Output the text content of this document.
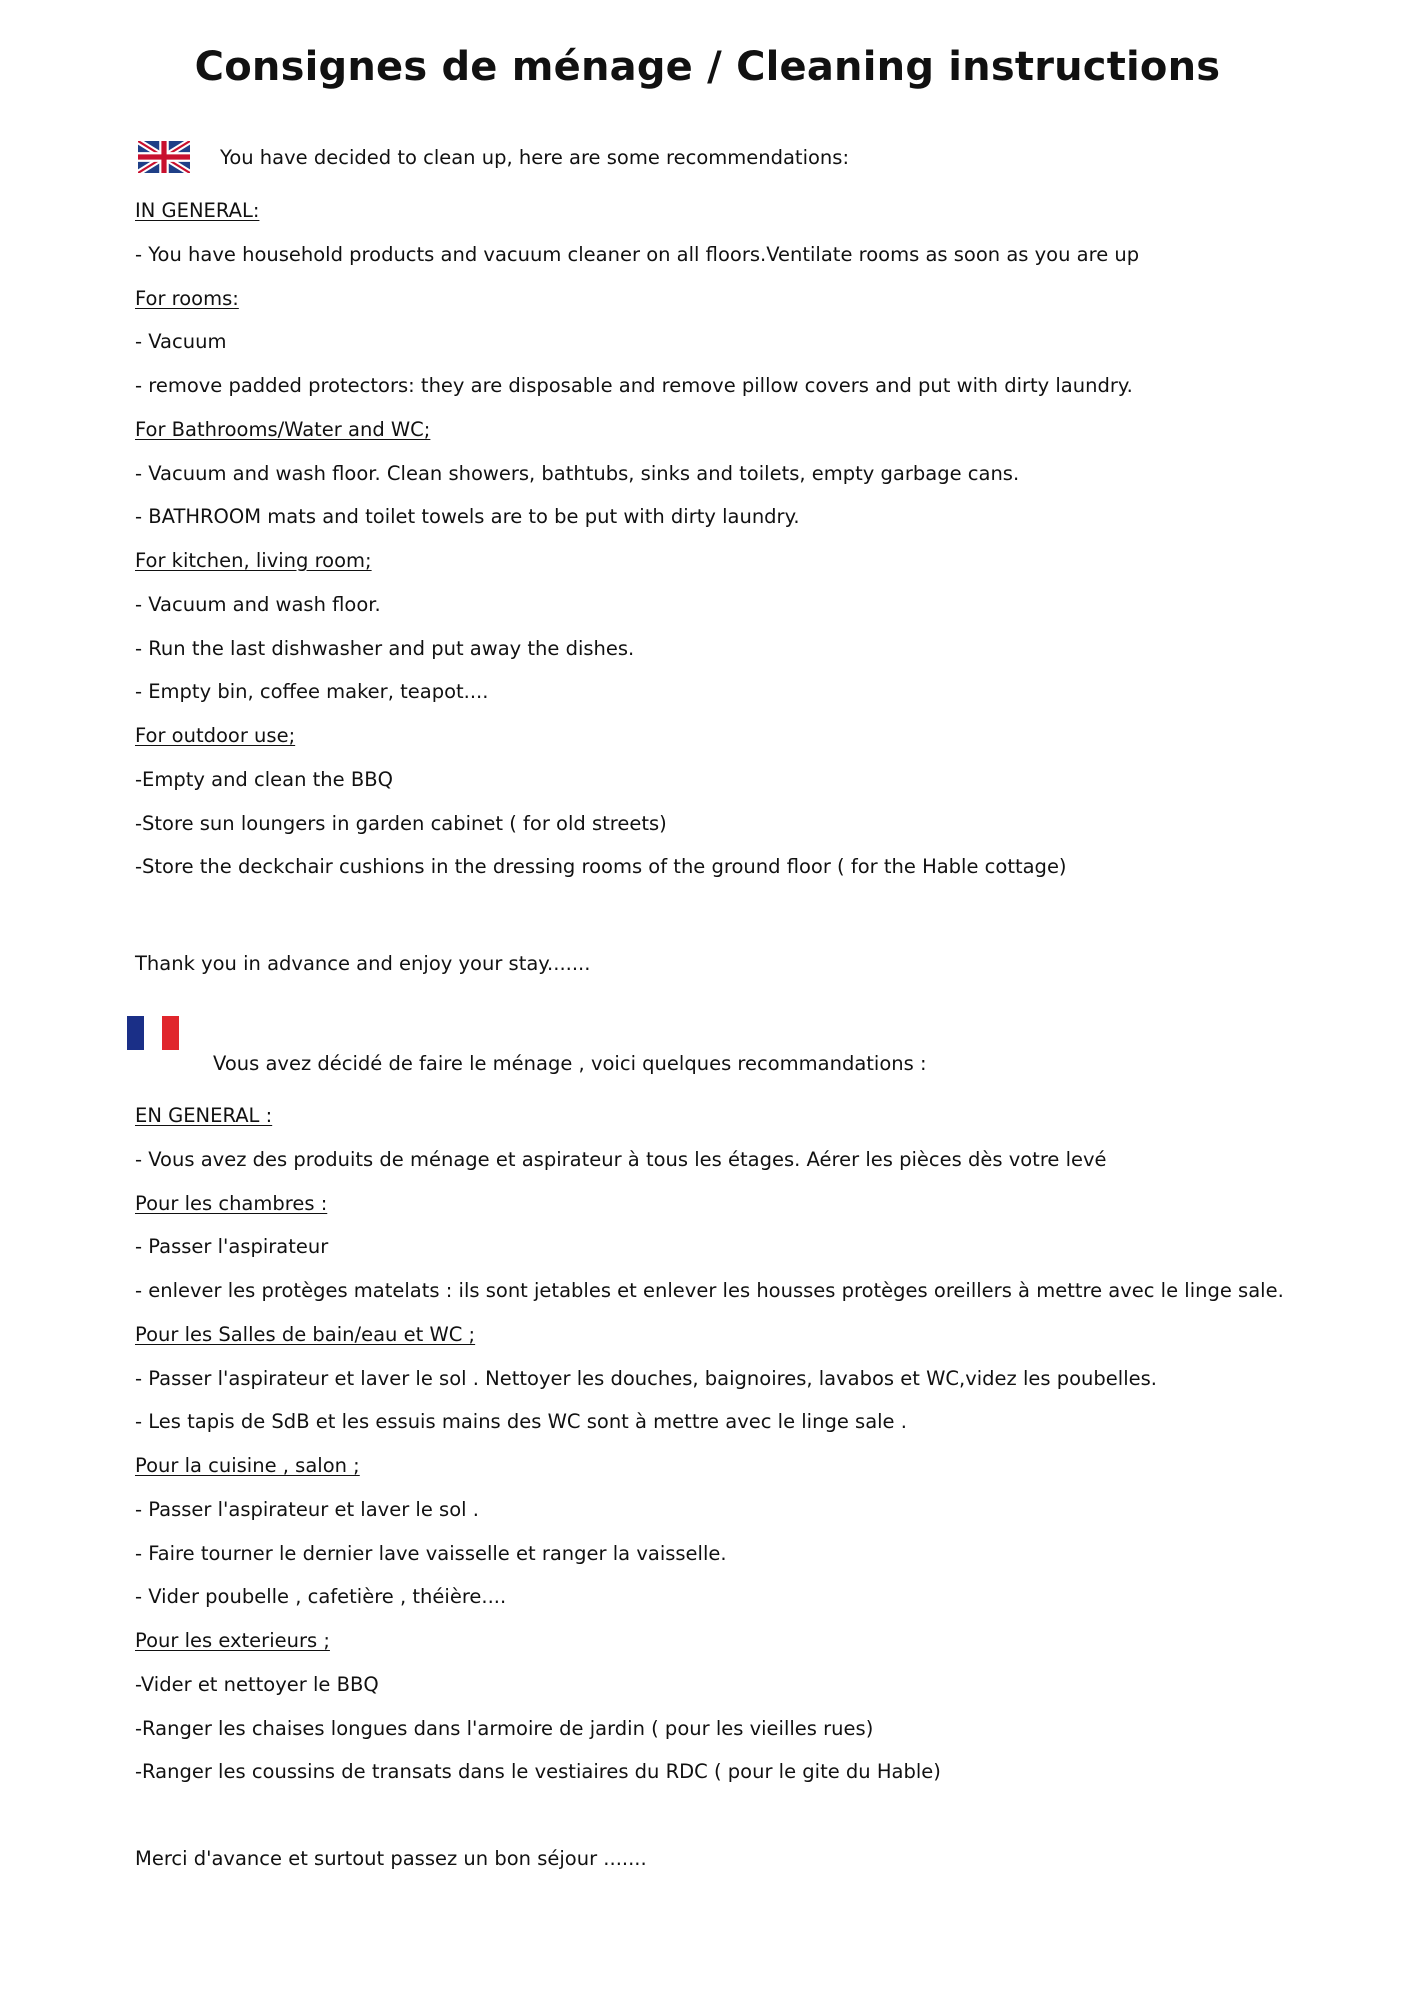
Consignes de ménage / Cleaning instructions
You have decided to clean up, here are some recommendations:
IN GENERAL:
- You have household products and vacuum cleaner on all floors.Ventilate rooms as soon as you are up
For rooms:
- Vacuum
- remove padded protectors: they are disposable and remove pillow covers and put with dirty laundry.
For Bathrooms/Water and WC;
- Vacuum and wash floor. Clean showers, bathtubs, sinks and toilets, empty garbage cans.
- BATHROOM mats and toilet towels are to be put with dirty laundry.
For kitchen, living room;
- Vacuum and wash floor.
- Run the last dishwasher and put away the dishes.
- Empty bin, coffee maker, teapot....
For outdoor use;
-Empty and clean the BBQ
-Store sun loungers in garden cabinet ( for old streets)
-Store the deckchair cushions in the dressing rooms of the ground floor ( for the Hable cottage)
Thank you in advance and enjoy your stay.......
Vous avez décidé de faire le ménage , voici quelques recommandations :
EN GENERAL :
- Vous avez des produits de ménage et aspirateur à tous les étages. Aérer les pièces dès votre levé
Pour les chambres :
- Passer l'aspirateur
- enlever les protèges matelats : ils sont jetables et enlever les housses protèges oreillers à mettre avec le linge sale.
Pour les Salles de bain/eau et WC ;
- Passer l'aspirateur et laver le sol . Nettoyer les douches, baignoires, lavabos et WC,videz les poubelles.
- Les tapis de SdB et les essuis mains des WC sont à mettre avec le linge sale .
Pour la cuisine , salon ;
- Passer l'aspirateur et laver le sol .
- Faire tourner le dernier lave vaisselle et ranger la vaisselle.
- Vider poubelle , cafetière , théière....
Pour les exterieurs ;
-Vider et nettoyer le BBQ
-Ranger les chaises longues dans l'armoire de jardin ( pour les vieilles rues)
-Ranger les coussins de transats dans le vestiaires du RDC ( pour le gite du Hable)
Merci d'avance et surtout passez un bon séjour .......
